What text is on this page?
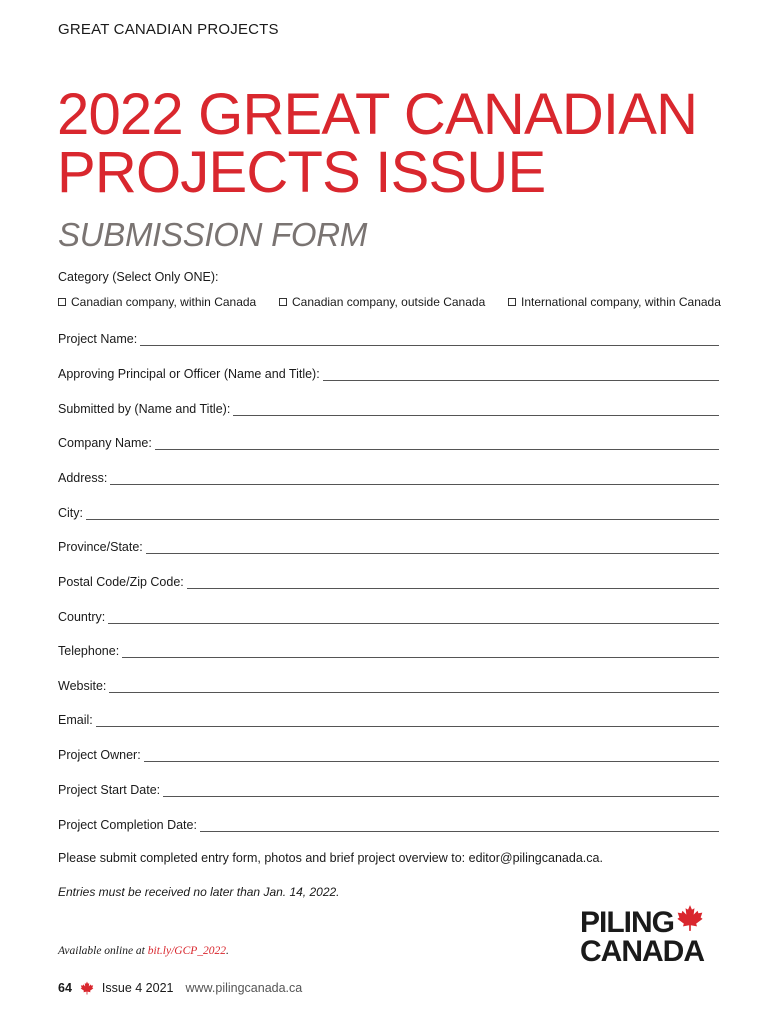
GREAT CANADIAN PROJECTS
2022 GREAT CANADIAN PROJECTS ISSUE
SUBMISSION FORM
Category (Select Only ONE):
Canadian company, within Canada	Canadian company, outside Canada	International company, within Canada
Project Name:
Approving Principal or Officer (Name and Title):
Submitted by (Name and Title):
Company Name:
Address:
City:
Province/State:
Postal Code/Zip Code:
Country:
Telephone:
Website:
Email:
Project Owner:
Project Start Date:
Project Completion Date:
Please submit completed entry form, photos and brief project overview to: editor@pilingcanada.ca.
Entries must be received no later than Jan. 14, 2022.
Available online at bit.ly/GCP_2022.
PILING
CANADA
64 Issue 4 2021 www.pilingcanada.ca
